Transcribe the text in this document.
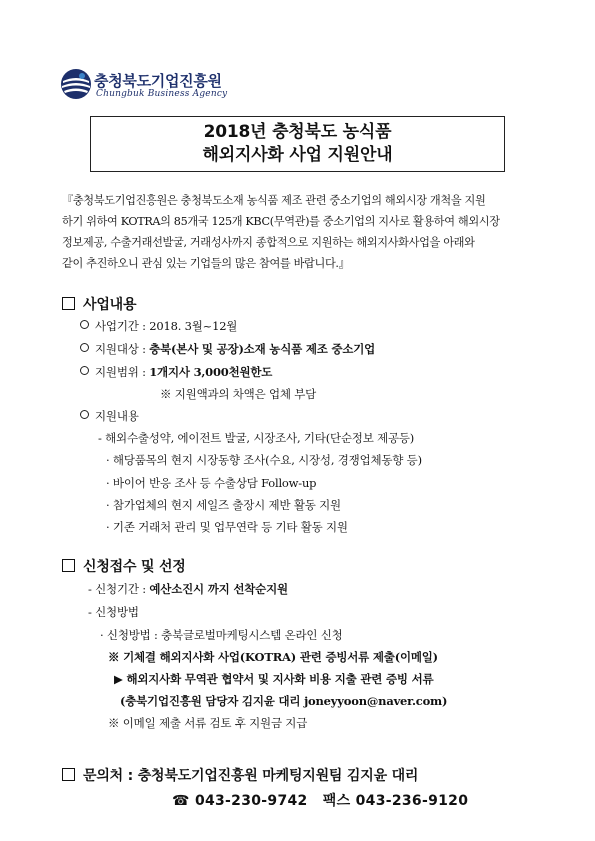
충청북도기업진흥원
Chungbuk Business Agency
2018년 충청북도 농식품
해외지사화 사업 지원안내

『충청북도기업진흥원은 충청북도소재 농식품 제조 관련 중소기업의 해외시장 개척을 지원

하기 위하여 KOTRA의 85개국 125개 KBC(무역관)를 중소기업의 지사로 활용하여 해외시장

정보제공, 수출거래선발굴, 거래성사까지 종합적으로 지원하는 해외지사화사업을 아래와

같이 추진하오니 관심 있는 기업들의 많은 참여를 바랍니다.』

사업내용
사업기간 : 2018. 3월~12월
지원대상 : 충북(본사 및 공장)소재 농식품 제조 중소기업
지원범위 : 1개지사 3,000천원한도
※ 지원액과의 차액은 업체 부담
지원내용
- 해외수출성약, 에이전트 발굴, 시장조사, 기타(단순정보 제공등)
· 해당품목의 현지 시장동향 조사(수요, 시장성, 경쟁업체동향 등)
· 바이어 반응 조사 등 수출상담 Follow-up
· 참가업체의 현지 세일즈 출장시 제반 활동 지원
· 기존 거래처 관리 및 업무연락 등 기타 활동 지원
신청접수 및 선정
- 신청기간 : 예산소진시 까지 선착순지원
- 신청방법
· 신청방법 : 충북글로벌마케팅시스템 온라인 신청
※ 기체결 해외지사화 사업(KOTRA) 관련 증빙서류 제출(이메일)
▶ 해외지사화 무역관 협약서 및 지사화 비용 지출 관련 증빙 서류
(충북기업진흥원 담당자 김지윤 대리 joneyyoon@naver.com)
※ 이메일 제출 서류 검토 후 지원금 지급
문의처 : 충청북도기업진흥원 마케팅지원팀 김지윤 대리
☎ 043-230-9742 팩스 043-236-9120
